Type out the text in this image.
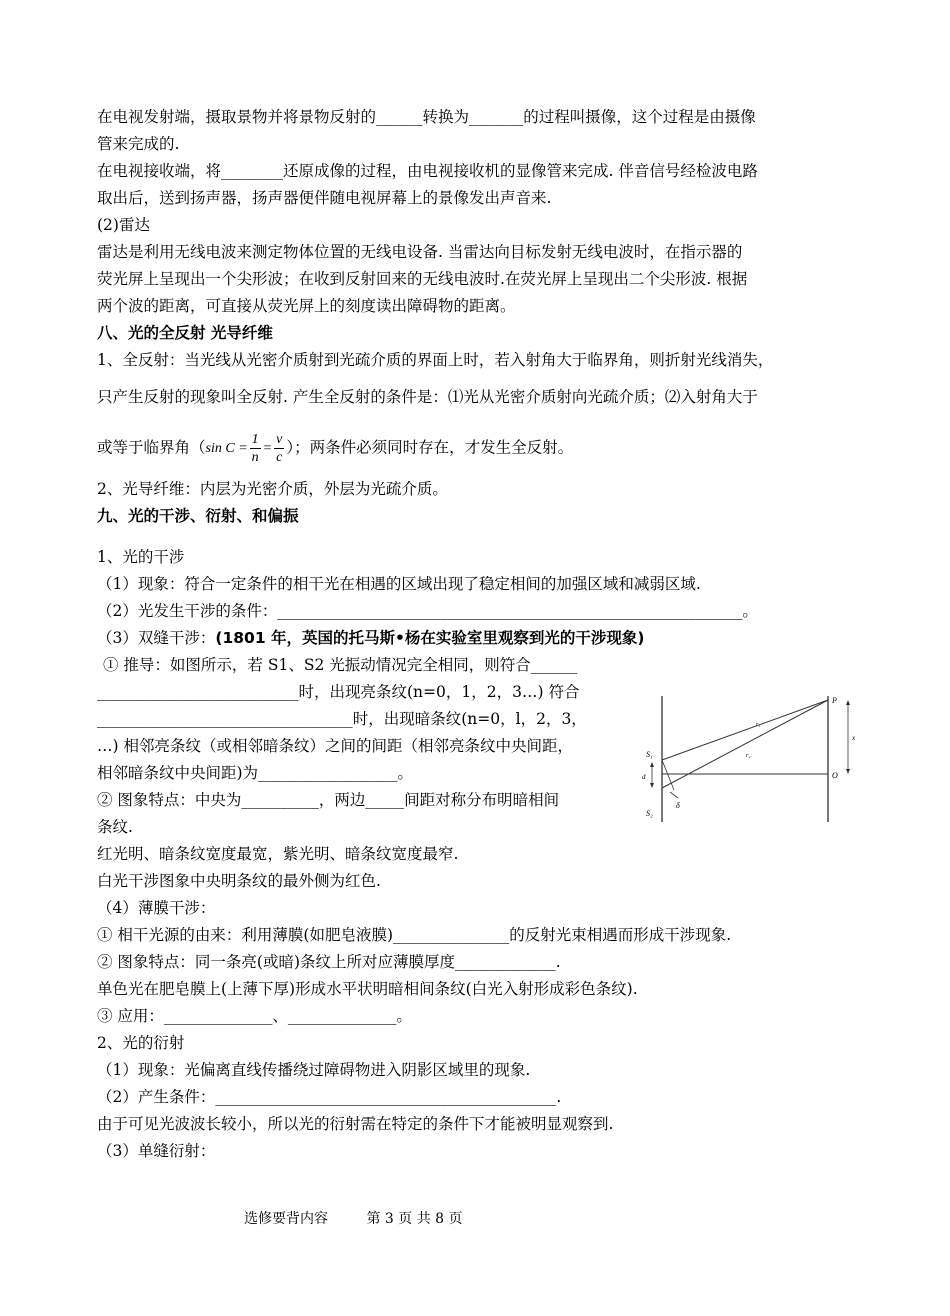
在电视发射端，摄取景物并将景物反射的______转换为_______的过程叫摄像，这个过程是由摄像
管来完成的.
在电视接收端，将________还原成像的过程，由电视接收机的显像管来完成. 伴音信号经检波电路
取出后，送到扬声器，扬声器便伴随电视屏幕上的景像发出声音来.
(2)雷达
雷达是利用无线电波来测定物体位置的无线电设备. 当雷达向目标发射无线电波时，在指示器的
荧光屏上呈现出一个尖形波；在收到反射回来的无线电波时.在荧光屏上呈现出二个尖形波. 根据
两个波的距离，可直接从荧光屏上的刻度读出障碍物的距离。
八、光的全反射 光导纤维
1、全反射：当光线从光密介质射到光疏介质的界面上时，若入射角大于临界角，则折射光线消失，
只产生反射的现象叫全反射. 产生全反射的条件是：⑴光从光密介质射向光疏介质；⑵入射角大于
或等于临界角（ $\sin C = \frac{1}{n} = \frac{v}{c}$ ）；两条件必须同时存在，才发生全反射。
2、光导纤维：内层为光密介质，外层为光疏介质。
九、光的干涉、衍射、和偏振
1、光的干涉
（1）现象：符合一定条件的相干光在相遇的区域出现了稳定相间的加强区域和减弱区域.
（2）光发生干涉的条件：____________________________________________________________。
（3）双缝干涉：(1801 年，英国的托马斯•杨在实验室里观察到光的干涉现象)
① 推导：如图所示，若 S1、S2 光振动情况完全相同，则符合______
__________________________时，出现亮条纹(n=0，1，2，3…) 符合
_________________________________时，出现暗条纹(n=0，l，2，3，
…) 相邻亮条纹（或相邻暗条纹）之间的间距（相邻亮条纹中央间距，
相邻暗条纹中央间距)为__________________。
② 图象特点：中央为__________，两边_____间距对称分布明暗相间
条纹.
红光明、暗条纹宽度最宽，紫光明、暗条纹宽度最窄.
白光干涉图象中央明条纹的最外侧为红色.
（4）薄膜干涉：
① 相干光源的由来：利用薄膜(如肥皂液膜)_______________的反射光束相遇而形成干涉现象.
② 图象特点：同一条亮(或暗)条纹上所对应薄膜厚度_____________.
单色光在肥皂膜上(上薄下厚)形成水平状明暗相间条纹(白光入射形成彩色条纹).
③ 应用：______________、______________。
2、光的衍射
（1）现象：光偏离直线传播绕过障碍物进入阴影区域里的现象.
（2）产生条件：____________________________________________.
由于可见光波波长较小，所以光的衍射需在特定的条件下才能被明显观察到.
（3）单缝衍射：
P
S₁
S₂
O
r₁
r₂
x
d
δ
选修要背内容	第 3 页 共 8 页
